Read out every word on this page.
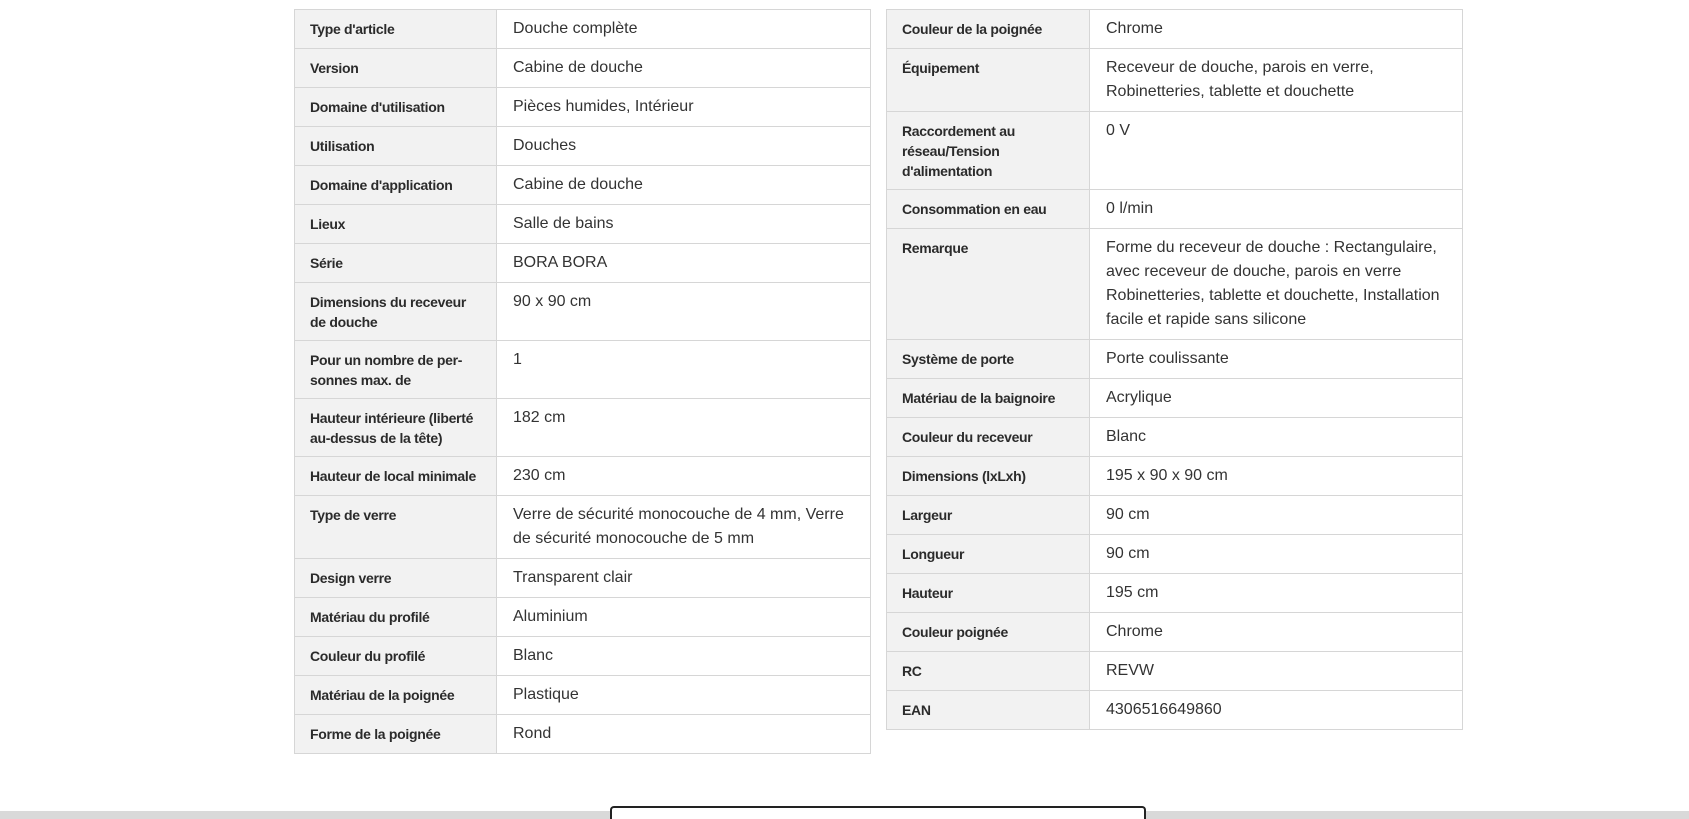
Type d'article	Douche complète

Version	Cabine de douche

Domaine d'utilisation	Pièces humides, Intérieur

Utilisation	Douches

Domaine d'application	Cabine de douche

Lieux	Salle de bains

Série	BORA BORA

Dimensions du receveur de douche	90 x 90 cm

Pour un nombre de per-sonnes max. de	1

Hauteur intérieure (liberté au-dessus de la tête)	182 cm

Hauteur de local minimale	230 cm

Type de verre	Verre de sécurité monocouche de 4 mm, Verre de sécurité monocouche de 5 mm

Design verre	Transparent clair

Matériau du profilé	Aluminium

Couleur du profilé	Blanc

Matériau de la poignée	Plastique

Forme de la poignée	Rond
Couleur de la poignée	Chrome

Équipement	Receveur de douche, parois en verre, Robinetteries, tablette et douchette

Raccordement au réseau/Tension d'alimentation	0 V

Consommation en eau	0 l/min

Remarque	Forme du receveur de douche : Rectangulaire, avec receveur de douche, parois en verre Robinetteries, tablette et douchette, Installation facile et rapide sans silicone

Système de porte	Porte coulissante

Matériau de la baignoire	Acrylique

Couleur du receveur	Blanc

Dimensions (lxLxh)	195 x 90 x 90 cm

Largeur	90 cm

Longueur	90 cm

Hauteur	195 cm

Couleur poignée	Chrome

RC	REVW

EAN	4306516649860
